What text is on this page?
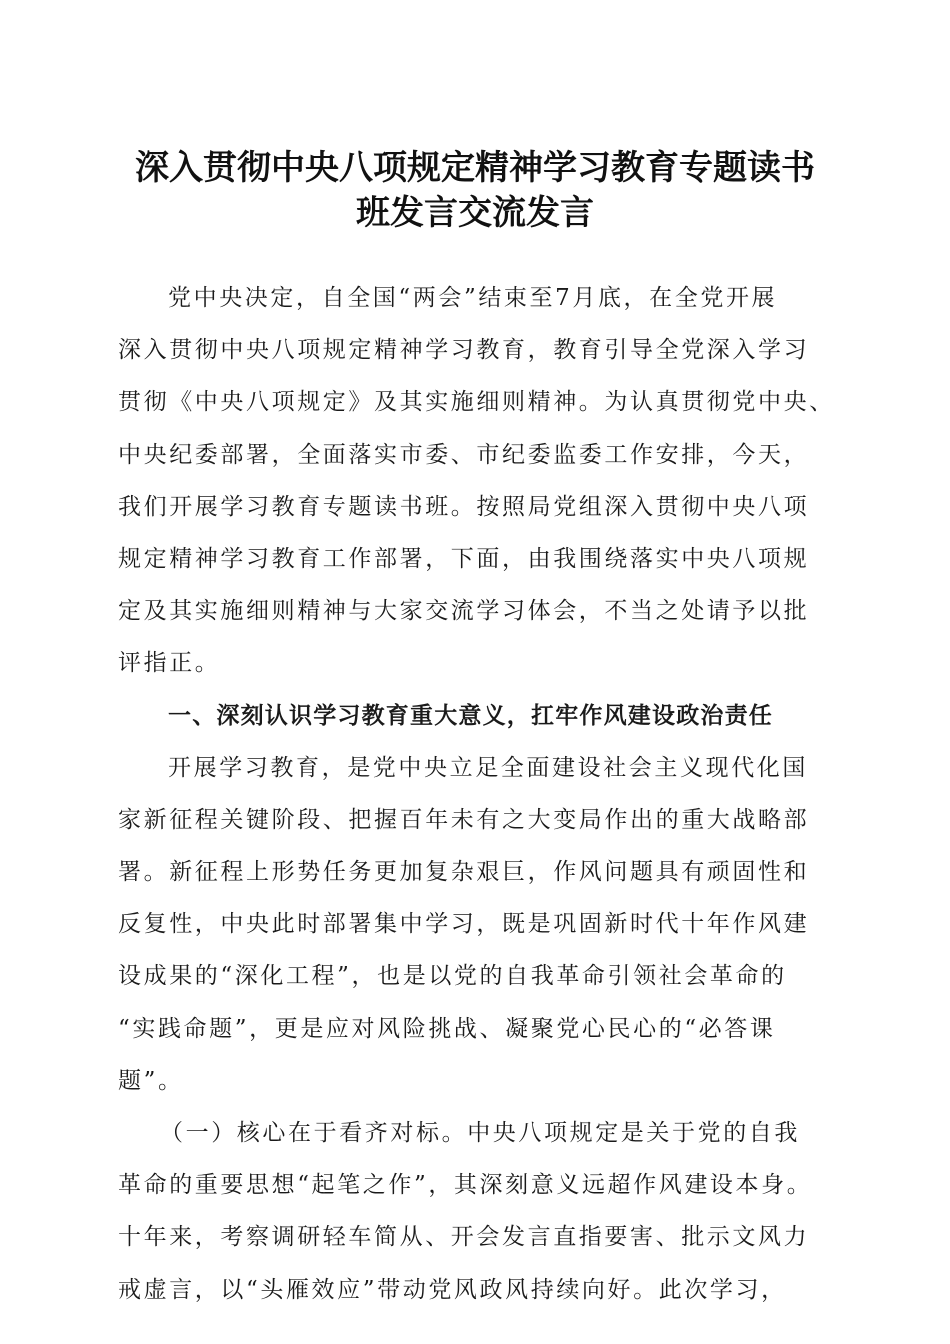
深入贯彻中央八项规定精神学习教育专题读书
班发言交流发言
党中央决定，自全国“两会”结束至7月底，在全党开展
深入贯彻中央八项规定精神学习教育，教育引导全党深入学习
贯彻《中央八项规定》及其实施细则精神。为认真贯彻党中央、
中央纪委部署，全面落实市委、市纪委监委工作安排，今天，
我们开展学习教育专题读书班。按照局党组深入贯彻中央八项
规定精神学习教育工作部署，下面，由我围绕落实中央八项规
定及其实施细则精神与大家交流学习体会，不当之处请予以批
评指正。
一、深刻认识学习教育重大意义，扛牢作风建设政治责任
开展学习教育，是党中央立足全面建设社会主义现代化国
家新征程关键阶段、把握百年未有之大变局作出的重大战略部
署。新征程上形势任务更加复杂艰巨，作风问题具有顽固性和
反复性，中央此时部署集中学习，既是巩固新时代十年作风建
设成果的“深化工程”，也是以党的自我革命引领社会革命的
“实践命题”，更是应对风险挑战、凝聚党心民心的“必答课
题”。
（一）核心在于看齐对标。中央八项规定是关于党的自我
革命的重要思想“起笔之作”，其深刻意义远超作风建设本身。
十年来，考察调研轻车简从、开会发言直指要害、批示文风力
戒虚言，以“头雁效应”带动党风政风持续向好。此次学习，
